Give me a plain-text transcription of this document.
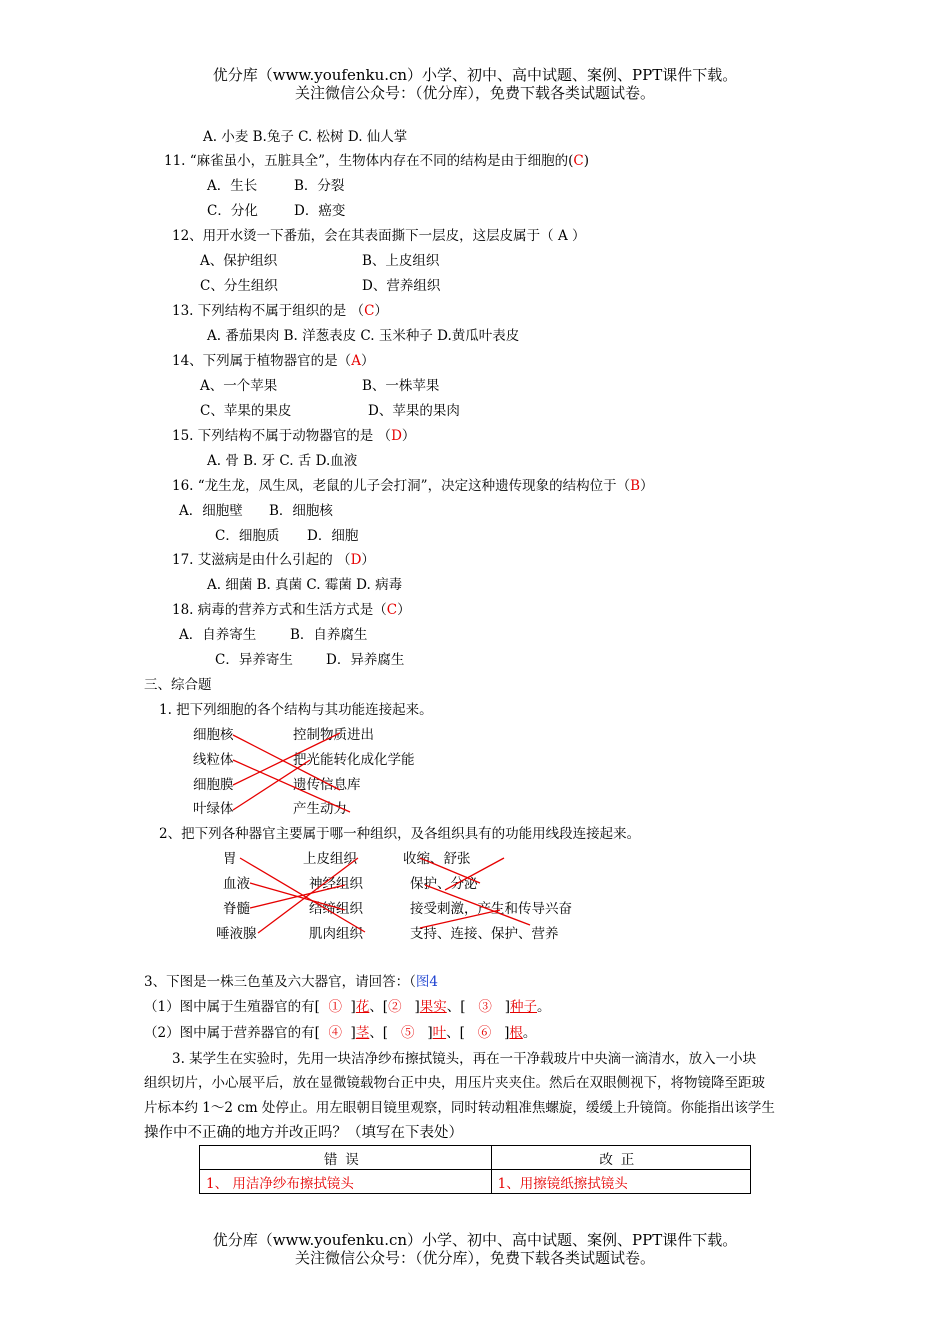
优分库（www.youfenku.cn）小学、初中、高中试题、案例、PPT课件下载。
关注微信公众号：（优分库），免费下载各类试题试卷。
A. 小麦 B.兔子 C. 松树 D. 仙人掌
11. “麻雀虽小，五脏具全”，生物体内存在不同的结构是由于细胞的(C)
A．生长	B．分裂
C．分化	D．癌变
12、用开水烫一下番茄，会在其表面撕下一层皮，这层皮属于（ A ）
A、保护组织	B、上皮组织
C、分生组织	D、营养组织
13. 下列结构不属于组织的是 （C）
A. 番茄果肉 B. 洋葱表皮 C. 玉米种子 D.黄瓜叶表皮
14、下列属于植物器官的是（A）
A、一个苹果	B、一株苹果
C、苹果的果皮	D、苹果的果肉
15. 下列结构不属于动物器官的是 （D）
A. 骨 B. 牙 C. 舌 D.血液
16. “龙生龙，凤生凤，老鼠的儿子会打洞”，决定这种遗传现象的结构位于（B）
A．细胞壁 B．细胞核
C．细胞质 D．细胞
17. 艾滋病是由什么引起的 （D）
A. 细菌 B. 真菌 C. 霉菌 D. 病毒
18. 病毒的营养方式和生活方式是（C）
A．自养寄生	B．自养腐生
C．异养寄生 D．异养腐生
三、综合题
1. 把下列细胞的各个结构与其功能连接起来。
细胞核
线粒体
细胞膜
叶绿体
控制物质进出
把光能转化成化学能
遗传信息库
产生动力
2、把下列各种器官主要属于哪一种组织，及各组织具有的功能用线段连接起来。
胃
血液
脊髓
唾液腺
上皮组织
神经组织
结缔组织
肌肉组织
收缩、舒张
保护、分泌
接受刺激，产生和传导兴奋
支持、连接、保护、营养
3、下图是一株三色堇及六大器官，请回答：（图4
（1）图中属于生殖器官的有[ ①  ]花、[②   ]果实、[   ③   ]种子。
（2）图中属于营养器官的有[ ④  ]茎、[   ⑤   ]叶、[   ⑥   ]根。
3. 某学生在实验时，先用一块洁净纱布擦拭镜头，再在一干净载玻片中央滴一滴清水，放入一小块
组织切片，小心展平后，放在显微镜载物台正中央，用压片夹夹住。然后在双眼侧视下，将物镜降至距玻
片标本约 1～2 cm 处停止。用左眼朝目镜里观察，同时转动粗准焦螺旋，缓缓上升镜筒。你能指出该学生
操作中不正确的地方并改正吗？（填写在下表处）
错误	改正
1、 用洁净纱布擦拭镜头	1、用擦镜纸擦拭镜头
优分库（www.youfenku.cn）小学、初中、高中试题、案例、PPT课件下载。
关注微信公众号：（优分库），免费下载各类试题试卷。
